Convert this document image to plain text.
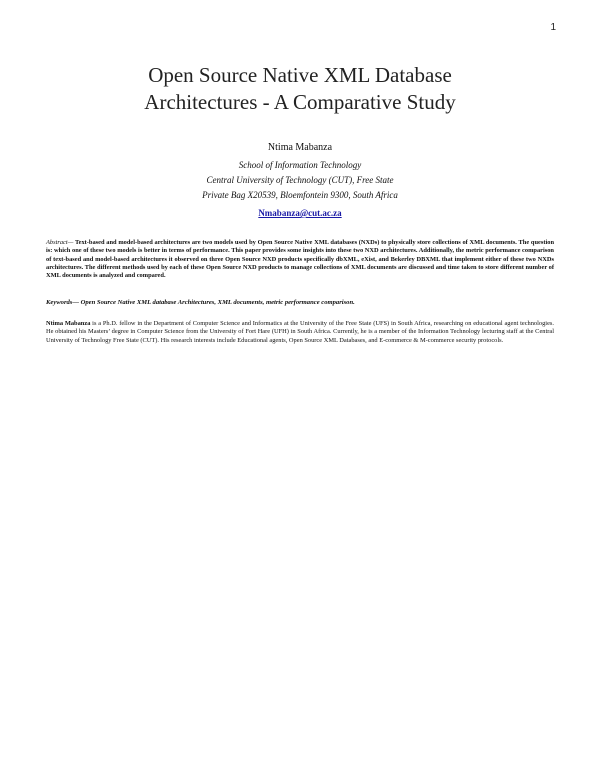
1
Open Source Native XML Database
Architectures - A Comparative Study
Ntima Mabanza
School of Information Technology
Central University of Technology (CUT), Free State
Private Bag X20539, Bloemfontein 9300, South Africa
Nmabanza@cut.ac.za

Abstract— Text-based and model-based architectures are two models used by Open Source Native XML databases (NXDs) to physically store collections of XML documents. The question is: which one of these two models is better in terms of performance. This paper provides some insights into these two NXD architectures. Additionally, the metric performance comparison of text-based and model-based architectures it observed on three Open Source NXD products specifically dbXML, eXist, and Bekerley DBXML that implement either of these two NXDs architectures. The different methods used by each of these Open Source NXD products to manage collections of XML documents are discussed and time taken to store different number of XML documents is analyzed and compared.

Keywords— Open Source Native XML database Architectures, XML documents, metric performance comparison.

Ntima Mabanza is a Ph.D. fellow in the Department of Computer Science and Informatics at the University of the Free State (UFS) in South Africa, researching on educational agent technologies. He obtained his Masters’ degree in Computer Science from the University of Fort Hare (UFH) in South Africa. Currently, he is a member of the Information Technology lecturing staff at the Central University of Technology Free State (CUT). His research interests include Educational agents, Open Source XML Databases, and E-commerce & M-commerce security protocols.
